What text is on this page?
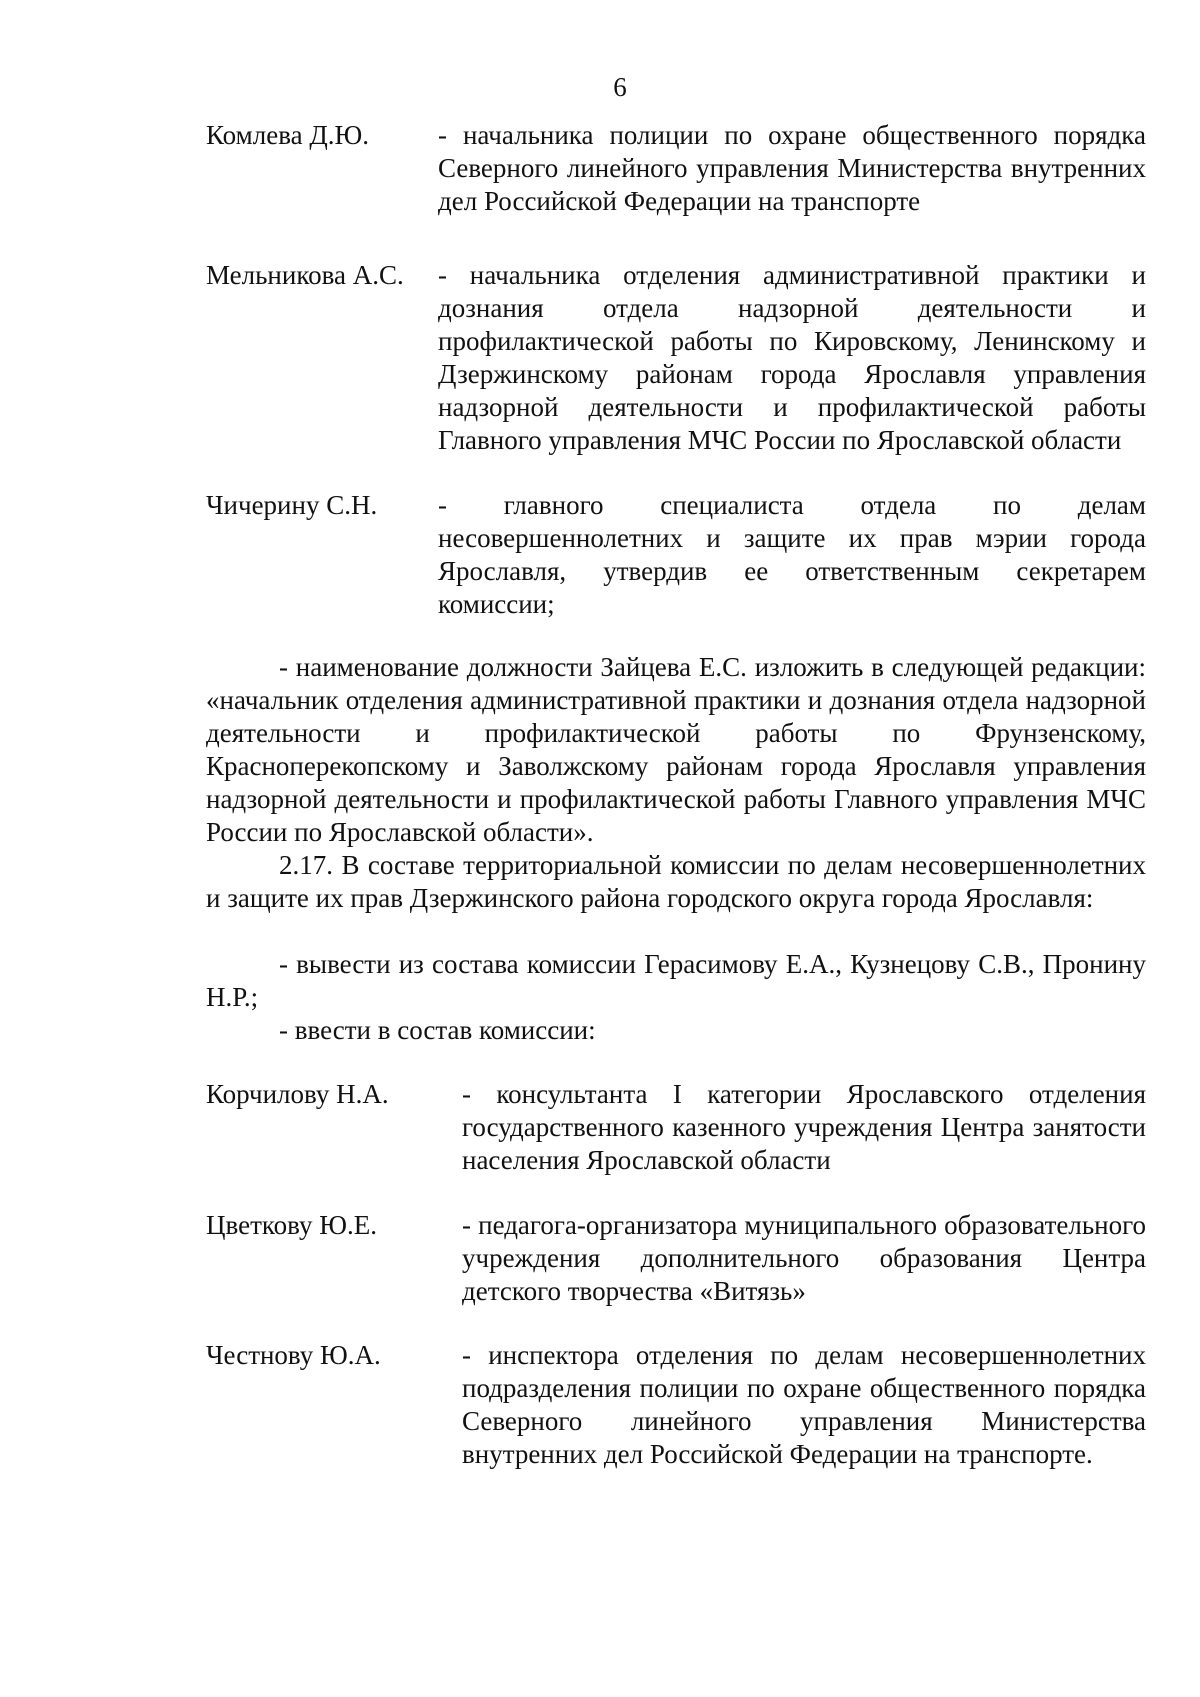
6
Комлева Д.Ю.	- начальника полиции по охране общественного порядка Северного линейного управления Министерства внутренних дел Российской Федерации на транспорте
Мельникова А.С. - начальника отделения административной практики и дознания отдела надзорной деятельности и профилактической работы по Кировскому, Ленинскому и Дзержинскому районам города Ярославля управления надзорной деятельности и профилактической работы Главного управления МЧС России по Ярославской области
Чичерину С.Н. - главного специалиста отдела по делам несовершеннолетних и защите их прав мэрии города Ярославля, утвердив ее ответственным секретарем комиссии;

- наименование должности Зайцева Е.С. изложить в следующей редакции: «начальник отделения административной практики и дознания отдела надзорной деятельности и профилактической работы по Фрунзенскому, Красноперекопскому и Заволжскому районам города Ярославля управления надзорной деятельности и профилактической работы Главного управления МЧС России по Ярославской области».

2.17. В составе территориальной комиссии по делам несовершеннолетних и защите их прав Дзержинского района городского округа города Ярославля:

- вывести из состава комиссии Герасимову Е.А., Кузнецову С.В., Пронину Н.Р.;

- ввести в состав комиссии:

Корчилову Н.А.	- консультанта I категории Ярославского отделения государственного казенного учреждения Центра занятости населения Ярославской области
Цветкову Ю.Е.	- педагога-организатора муниципального образовательного учреждения дополнительного образования Центра детского творчества «Витязь»
Честнову Ю.А.	- инспектора отделения по делам несовершеннолетних подразделения полиции по охране общественного порядка Северного линейного управления Министерства внутренних дел Российской Федерации на транспорте.
